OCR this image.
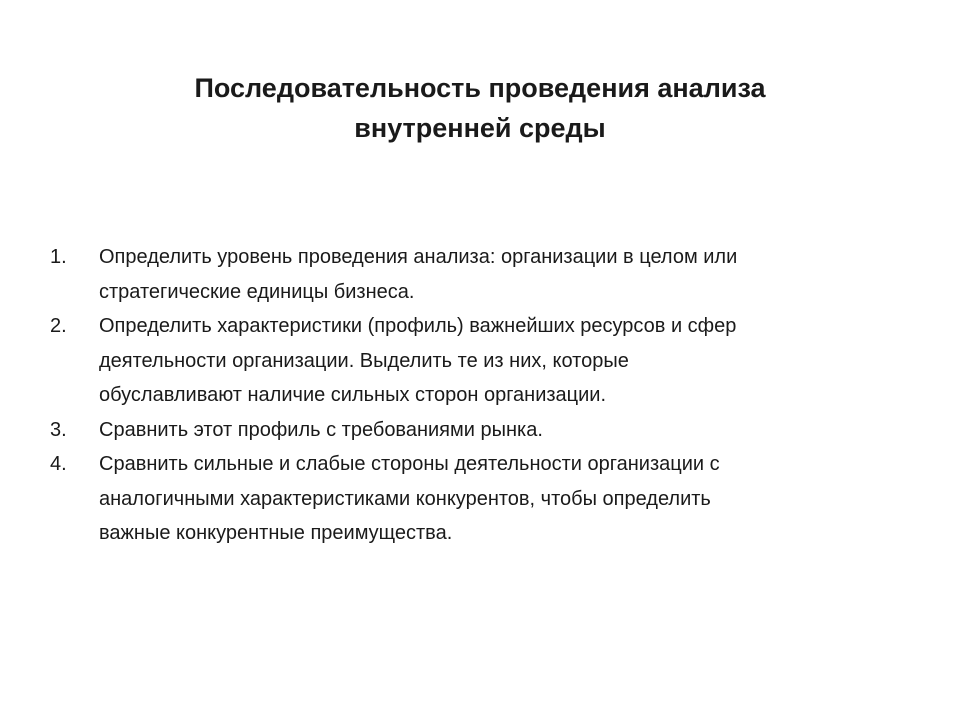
Последовательность проведения анализа
внутренней среды
1.	Определить уровень проведения анализа: организации в целом или
стратегические единицы бизнеса.
2.	Определить характеристики (профиль) важнейших ресурсов и сфер
деятельности организации. Выделить те из них, которые
обуславливают наличие сильных сторон организации.
3.	Сравнить этот профиль с требованиями рынка.
4.	Сравнить сильные и слабые стороны деятельности организации с
аналогичными характеристиками конкурентов, чтобы определить
важные конкурентные преимущества.
